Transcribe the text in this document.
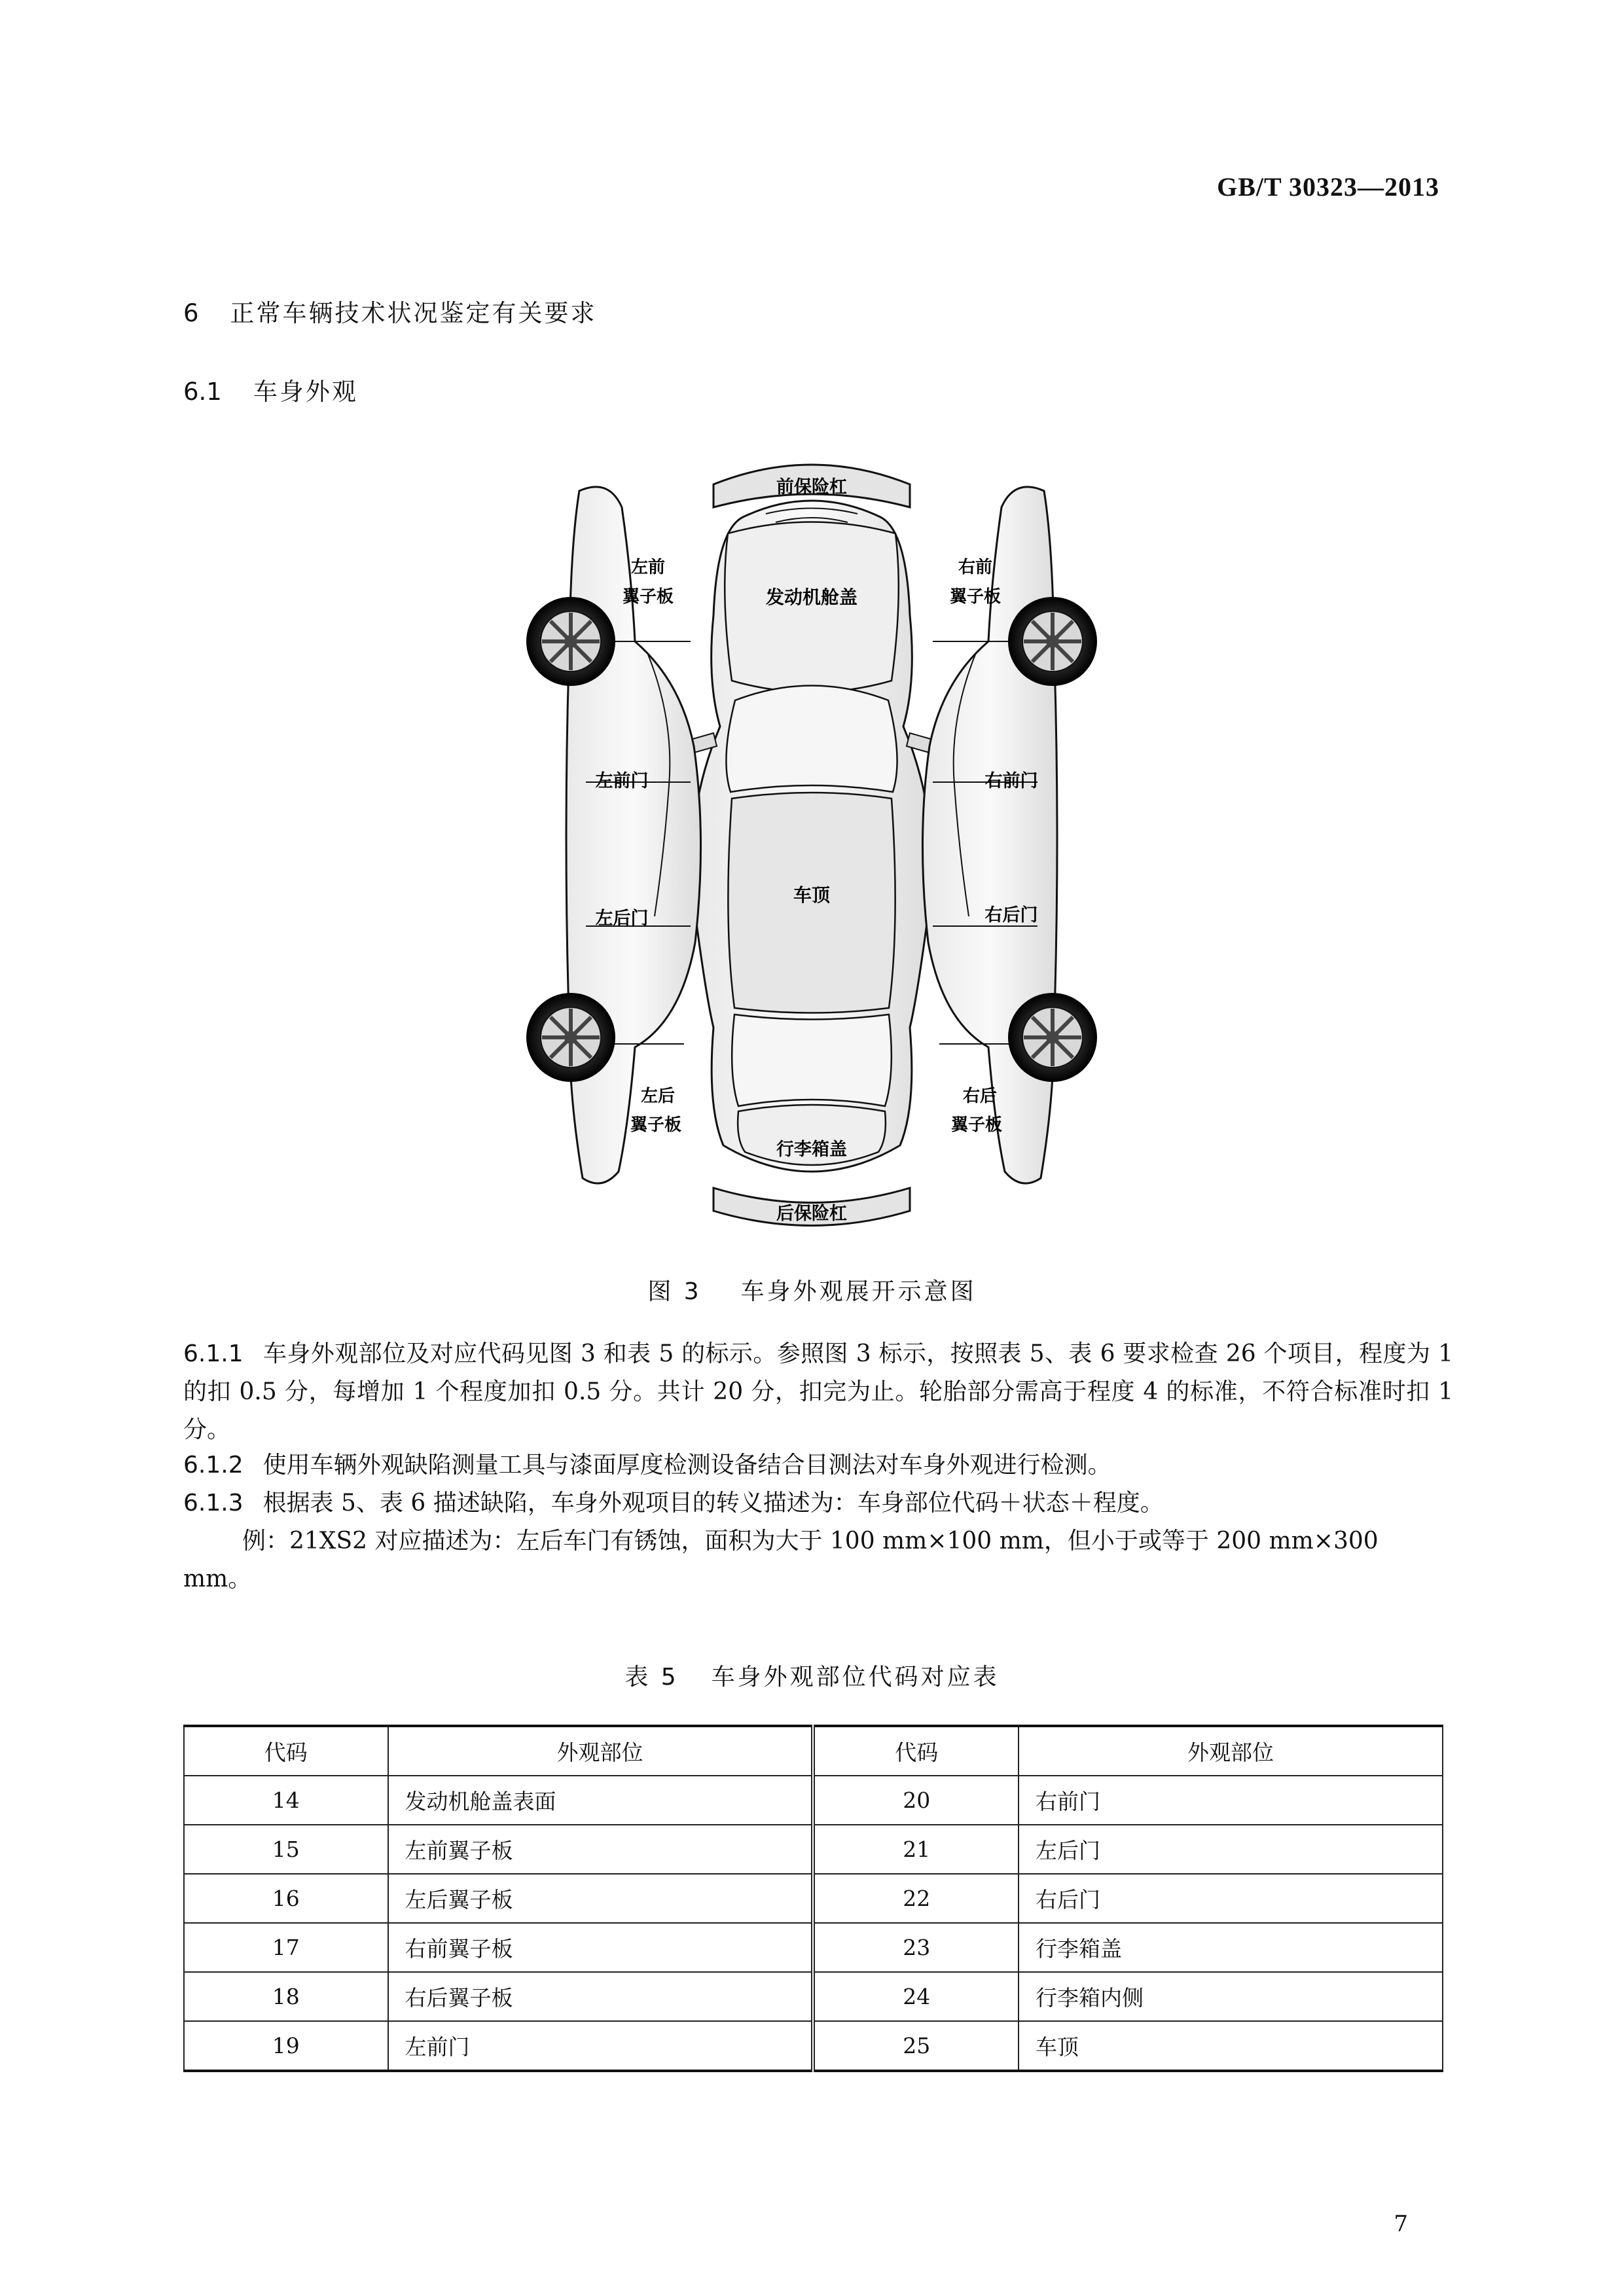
GB/T 30323—2013
6 正常车辆技术状况鉴定有关要求
6.1 车身外观
前保险杠
发动机舱盖
左前
翼子板
右前
翼子板
左前门	右前门
车顶
左后门	右后门
左后
翼子板
右后
翼子板
行李箱盖
后保险杠
图 3 车身外观展开示意图
6.1.1 车身外观部位及对应代码见图 3 和表 5 的标示。参照图 3 标示，按照表 5、表 6 要求检查 26 个项目，程度为 1 的扣 0.5 分，每增加 1 个程度加扣 0.5 分。共计 20 分，扣完为止。轮胎部分需高于程度 4 的标准，不符合标准时扣 1 分。
6.1.2 使用车辆外观缺陷测量工具与漆面厚度检测设备结合目测法对车身外观进行检测。
6.1.3 根据表 5、表 6 描述缺陷，车身外观项目的转义描述为：车身部位代码＋状态＋程度。
例：21XS2 对应描述为：左后车门有锈蚀，面积为大于 100 mm×100 mm，但小于或等于 200 mm×300 mm。
表 5 车身外观部位代码对应表
代码	外观部位	代码	外观部位
14	发动机舱盖表面	20	右前门
15	左前翼子板	21	左后门
16	左后翼子板	22	右后门
17	右前翼子板	23	行李箱盖
18	右后翼子板	24	行李箱内侧
19	左前门	25	车顶
7
